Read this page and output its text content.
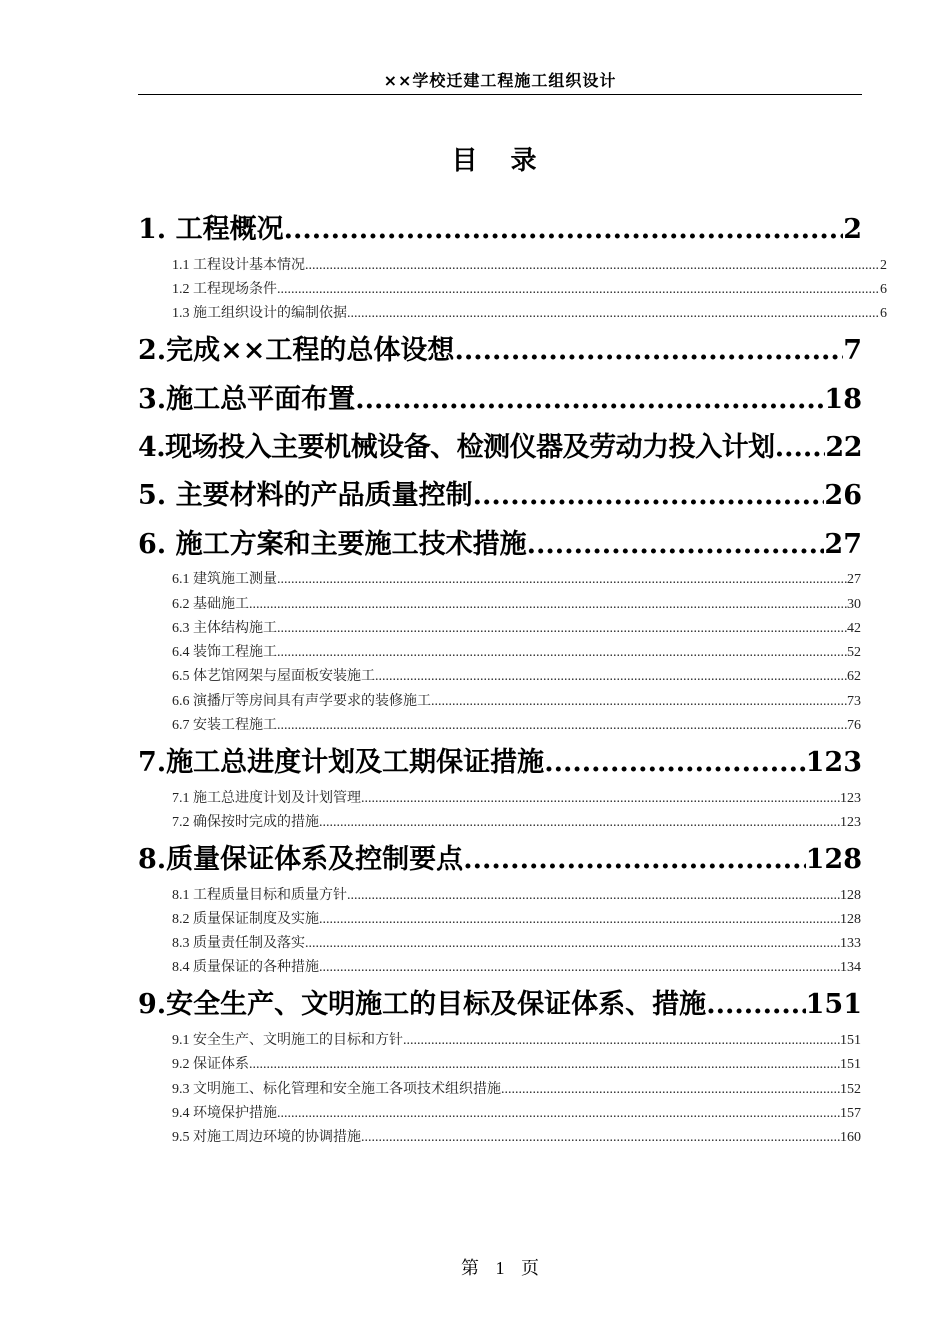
××学校迁建工程施工组织设计
目 录
1. 工程概况 .....	2
1.1 工程设计基本情况 .....	2
1.2 工程现场条件 .....	6
1.3 施工组织设计的编制依据 .....	6
2.完成××工程的总体设想 .....	7
3.施工总平面布置 .....	18
4.现场投入主要机械设备、检测仪器及劳动力投入计划 ..... 22
5. 主要材料的产品质量控制 .....	26
6. 施工方案和主要施工技术措施 .....	27
6.1 建筑施工测量 .....	27
6.2 基础施工 .....	30
6.3 主体结构施工 .....	42
6.4 装饰工程施工 .....	52
6.5 体艺馆网架与屋面板安装施工 .....	62
6.6 演播厅等房间具有声学要求的装修施工 .....	73
6.7 安装工程施工 .....	76
7.施工总进度计划及工期保证措施 .....	123
7.1 施工总进度计划及计划管理 .....	123
7.2 确保按时完成的措施 .....	123
8.质量保证体系及控制要点 .....	128
8.1 工程质量目标和质量方针 .....	128
8.2 质量保证制度及实施 .....	128
8.3 质量责任制及落实 .....	133
8.4 质量保证的各种措施 .....	134
9.安全生产、文明施工的目标及保证体系、措施 .....	151
9.1 安全生产、文明施工的目标和方针 .....	151
9.2 保证体系 .....	151
9.3 文明施工、标化管理和安全施工各项技术组织措施 .....	152
9.4 环境保护措施 .....	157
9.5 对施工周边环境的协调措施 .....	160
第 1 页
